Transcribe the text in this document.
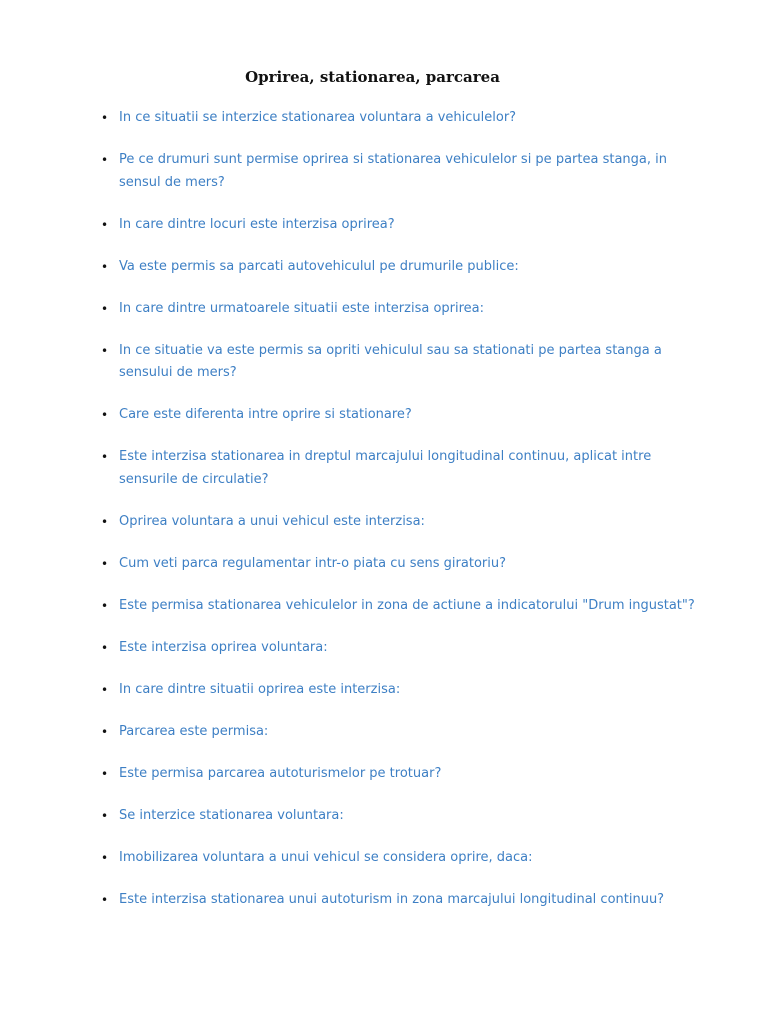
Oprirea, stationarea, parcarea
• In ce situatii se interzice stationarea voluntara a vehiculelor?
• Pe ce drumuri sunt permise oprirea si stationarea vehiculelor si pe partea stanga, in sensul de mers?
• In care dintre locuri este interzisa oprirea?
• Va este permis sa parcati autovehiculul pe drumurile publice:
• In care dintre urmatoarele situatii este interzisa oprirea:
• In ce situatie va este permis sa opriti vehiculul sau sa stationati pe partea stanga a sensului de mers?
• Care este diferenta intre oprire si stationare?
• Este interzisa stationarea in dreptul marcajului longitudinal continuu, aplicat intre sensurile de circulatie?
• Oprirea voluntara a unui vehicul este interzisa:
• Cum veti parca regulamentar intr-o piata cu sens giratoriu?
• Este permisa stationarea vehiculelor in zona de actiune a indicatorului "Drum ingustat"?
• Este interzisa oprirea voluntara:
• In care dintre situatii oprirea este interzisa:
• Parcarea este permisa:
• Este permisa parcarea autoturismelor pe trotuar?
• Se interzice stationarea voluntara:
• Imobilizarea voluntara a unui vehicul se considera oprire, daca:
• Este interzisa stationarea unui autoturism in zona marcajului longitudinal continuu?
